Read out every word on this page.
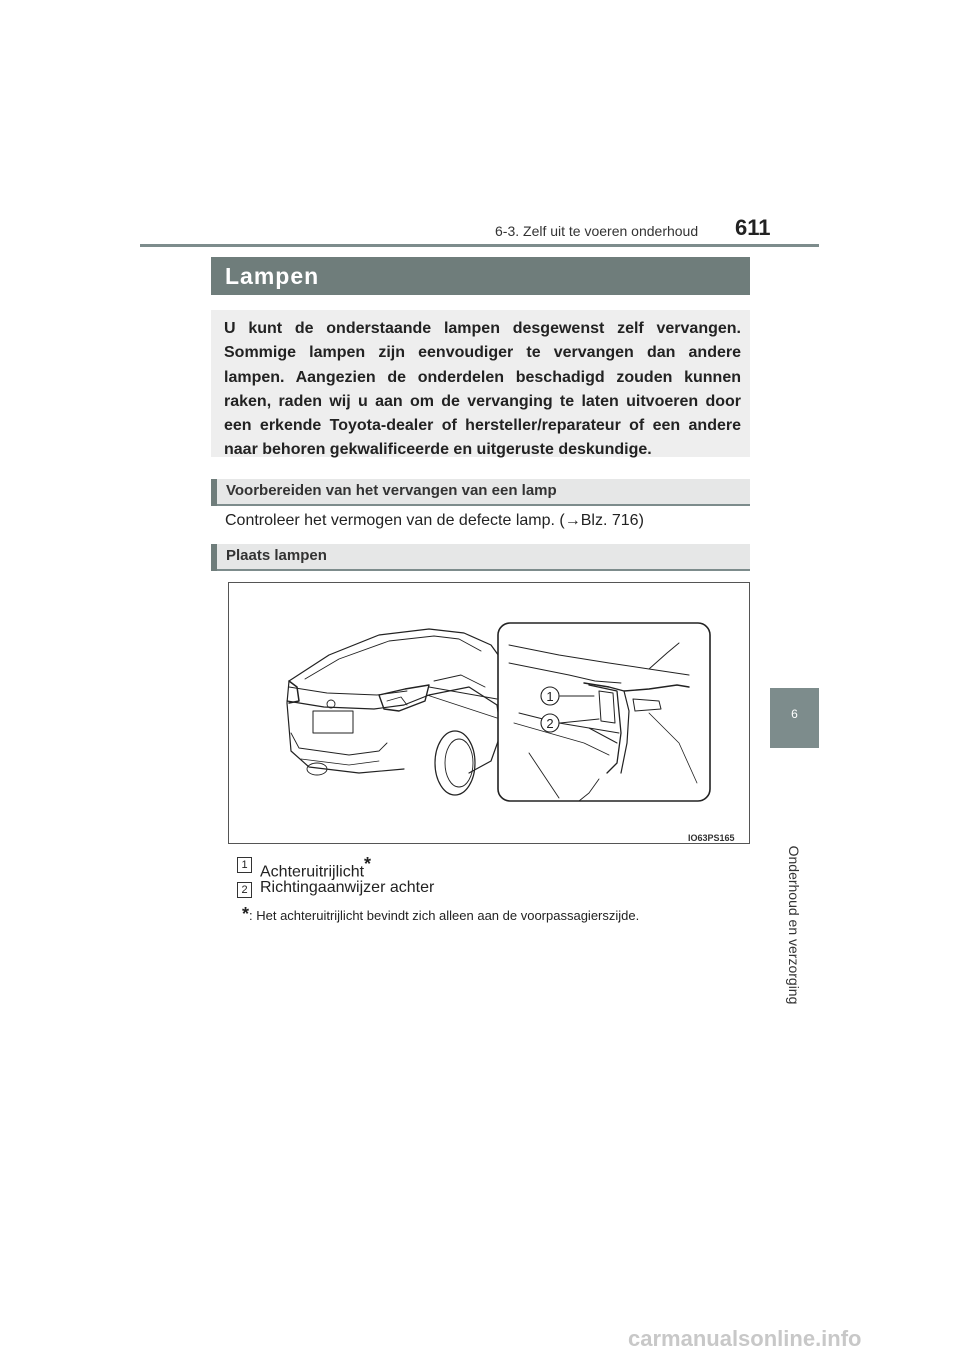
6-3. Zelf uit te voeren onderhoud 611
6
Onderhoud en verzorging
Lampen
U kunt de onderstaande lampen desgewenst zelf vervangen. Sommige lampen zijn eenvoudiger te vervangen dan andere lampen. Aangezien de onderdelen beschadigd zouden kunnen raken, raden wij u aan om de vervanging te laten uitvoeren door een erkende Toyota-dealer of hersteller/reparateur of een andere naar behoren gekwalificeerde en uitgeruste deskundige.
Voorbereiden van het vervangen van een lamp
Controleer het vermogen van de defecte lamp. (→Blz. 716)
Plaats lampen
1
2
IO63PS165
1 Achteruitrijlicht*
2 Richtingaanwijzer achter
*: Het achteruitrijlicht bevindt zich alleen aan de voorpassagierszijde.
carmanualsonline.info
